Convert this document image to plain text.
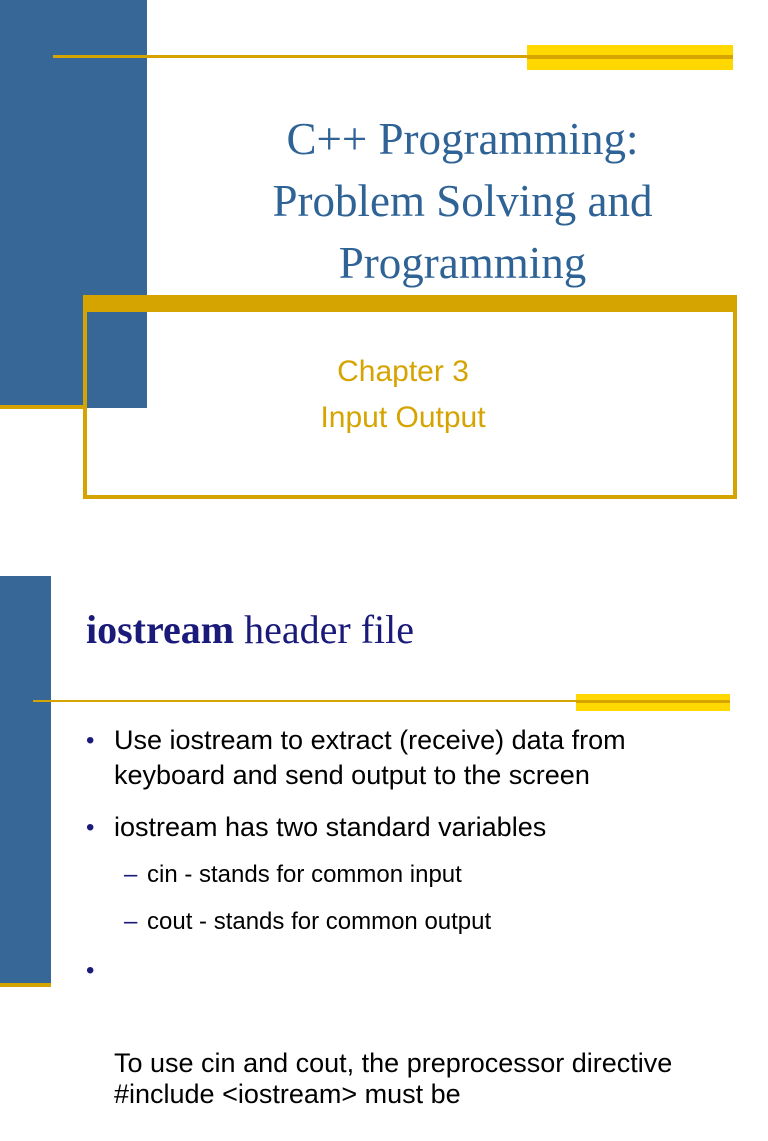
C++ Programming:
Problem Solving and
Programming
Chapter 3
Input Output
iostream header file
• Use iostream to extract (receive) data from keyboard and send output to the screen
• iostream has two standard variables
– cin - stands for common input
– cout - stands for common output

•

To use cin and cout, the preprocessor directive     #include <iostream> must be
